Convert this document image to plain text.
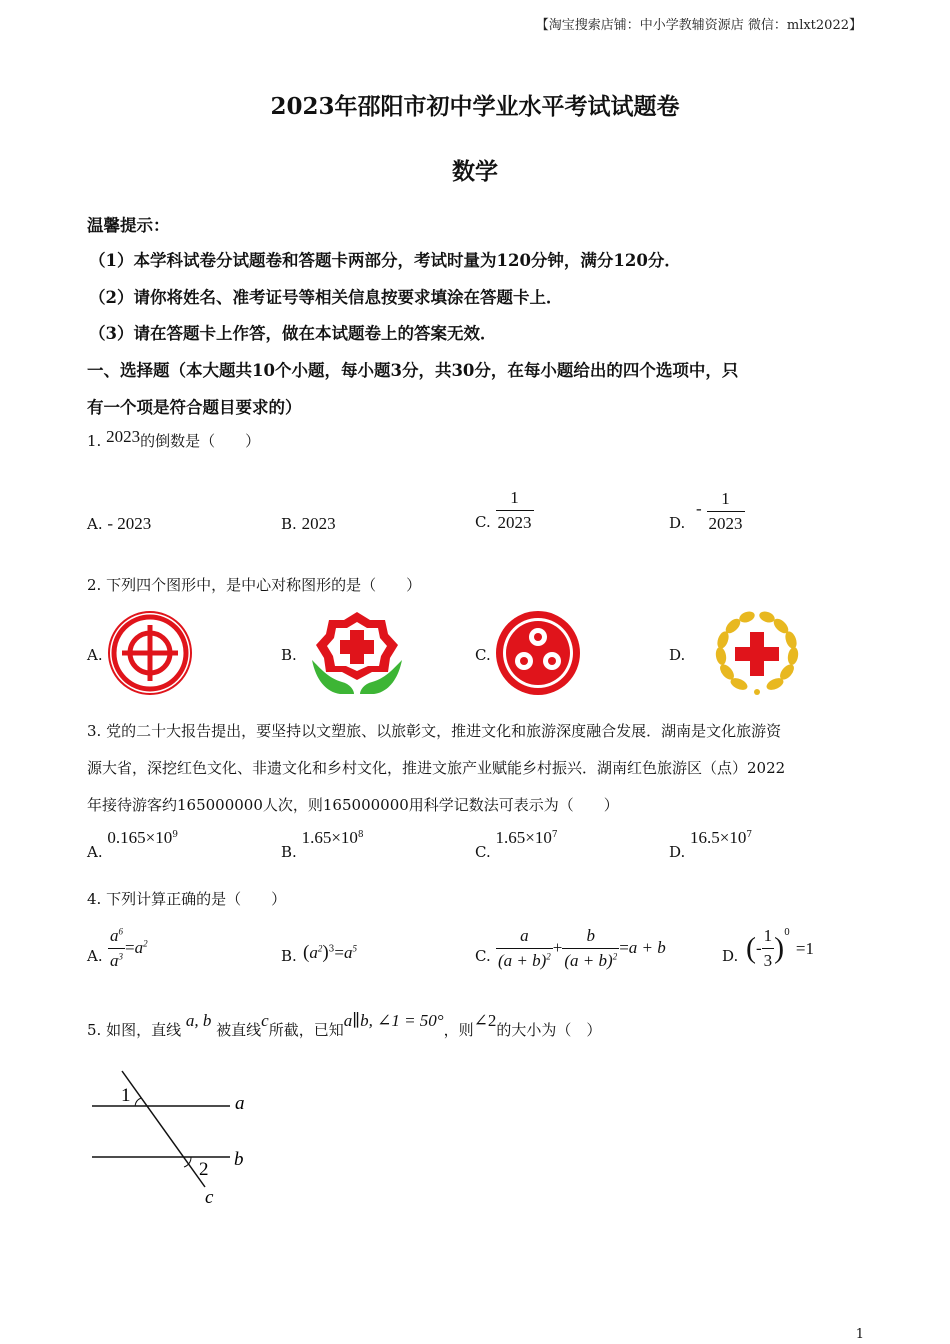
【淘宝搜索店铺：中小学教辅资源店 微信：mlxt2022】
2023年邵阳市初中学业水平考试试题卷
数学
温馨提示：
（1）本学科试卷分试题卷和答题卡两部分，考试时量为120分钟，满分120分．
（2）请你将姓名、准考证号等相关信息按要求填涂在答题卡上．
（3）请在答题卡上作答，做在本试题卷上的答案无效．
一、选择题（本大题共10个小题，每小题3分，共30分，在每小题给出的四个选项中，只
有一个项是符合题目要求的）
1. 2023的倒数是（　　）
A. - 2023	B. 2023	C. $\frac{1}{2023}$	D. - $\frac{1}{2023}$
2. 下列四个图形中，是中心对称图形的是（　　）
A.	B.	C.	D.
3. 党的二十大报告提出，要坚持以文塑旅、以旅彰文，推进文化和旅游深度融合发展．湖南是文化旅游资
源大省，深挖红色文化、非遗文化和乡村文化，推进文旅产业赋能乡村振兴．湖南红色旅游区（点）2022
年接待游客约165000000人次，则165000000用科学记数法可表示为（　　）
A. $0.165\times 10^9$
B. $1.65\times 10^8$
C. $1.65\times 10^7$
D. $16.5\times 10^7$
4. 下列计算正确的是（　　）
A. $\frac{a^6}{a^3} =a^2$
B. $(a^2)^3=a^5$	C. $\frac{a}{(a + b)^2} + \frac{b}{(a + b)^2} =a + b$	D. (- $\frac{1}{3} )^0=1$
5. 如图，直线 a, b 被直线c所截，已知a∥b, ∠1 = 50°，则∠2的大小为（　）
1
2
a
b
c
1
